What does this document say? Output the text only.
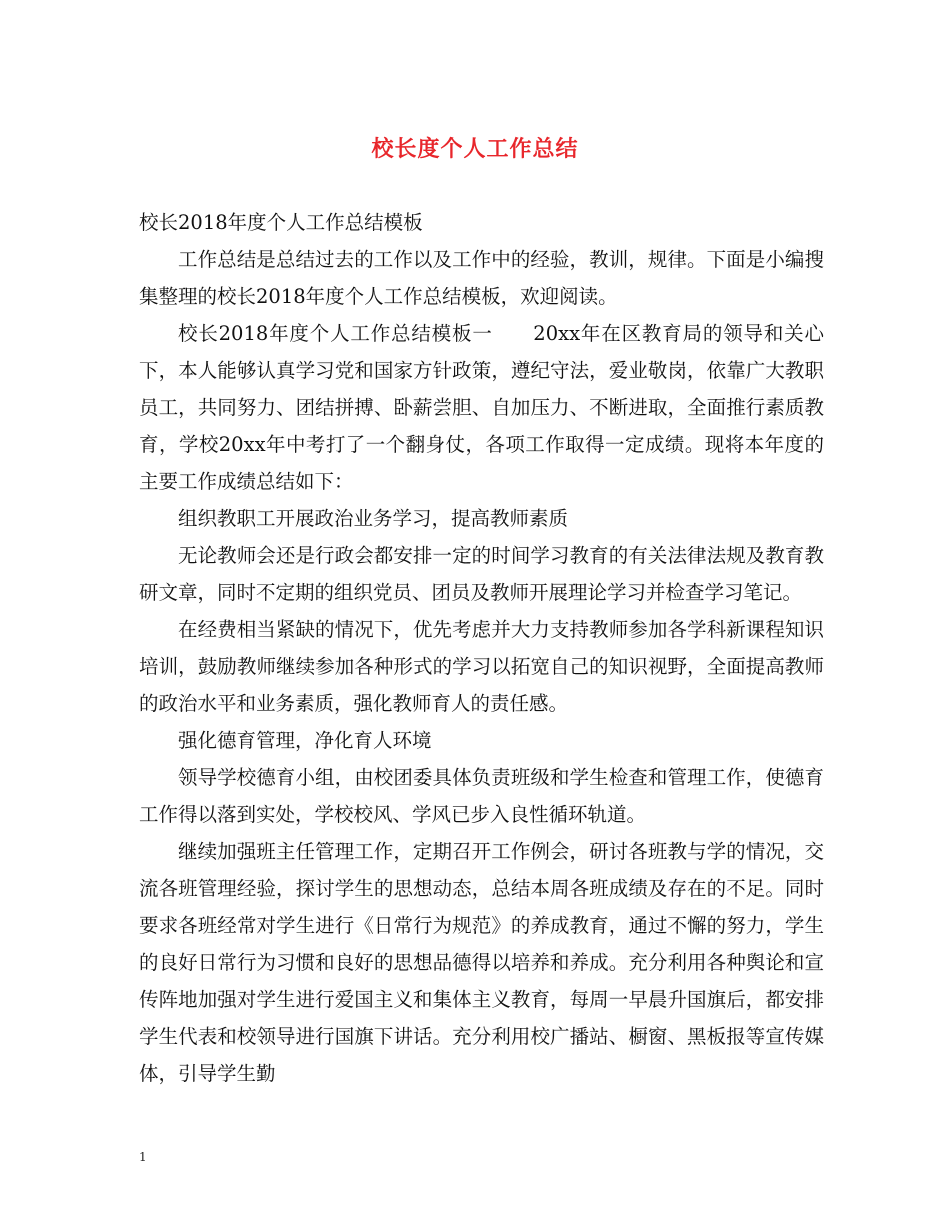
校长度个人工作总结

校长2018年度个人工作总结模板

工作总结是总结过去的工作以及工作中的经验，教训，规律。下面是小编搜集整理的校长2018年度个人工作总结模板，欢迎阅读。

校长2018年度个人工作总结模板一　　20xx年在区教育局的领导和关心下，本人能够认真学习党和国家方针政策，遵纪守法，爱业敬岗，依靠广大教职员工，共同努力、团结拼搏、卧薪尝胆、自加压力、不断进取，全面推行素质教育，学校20xx年中考打了一个翻身仗，各项工作取得一定成绩。现将本年度的主要工作成绩总结如下：

组织教职工开展政治业务学习，提高教师素质

无论教师会还是行政会都安排一定的时间学习教育的有关法律法规及教育教研文章，同时不定期的组织党员、团员及教师开展理论学习并检查学习笔记。

在经费相当紧缺的情况下，优先考虑并大力支持教师参加各学科新课程知识培训，鼓励教师继续参加各种形式的学习以拓宽自己的知识视野，全面提高教师的政治水平和业务素质，强化教师育人的责任感。

强化德育管理，净化育人环境

领导学校德育小组，由校团委具体负责班级和学生检查和管理工作，使德育工作得以落到实处，学校校风、学风已步入良性循环轨道。

继续加强班主任管理工作，定期召开工作例会，研讨各班教与学的情况，交流各班管理经验，探讨学生的思想动态，总结本周各班成绩及存在的不足。同时要求各班经常对学生进行《日常行为规范》的养成教育，通过不懈的努力，学生的良好日常行为习惯和良好的思想品德得以培养和养成。充分利用各种舆论和宣传阵地加强对学生进行爱国主义和集体主义教育，每周一早晨升国旗后，都安排学生代表和校领导进行国旗下讲话。充分利用校广播站、橱窗、黑板报等宣传媒体，引导学生勤

1
